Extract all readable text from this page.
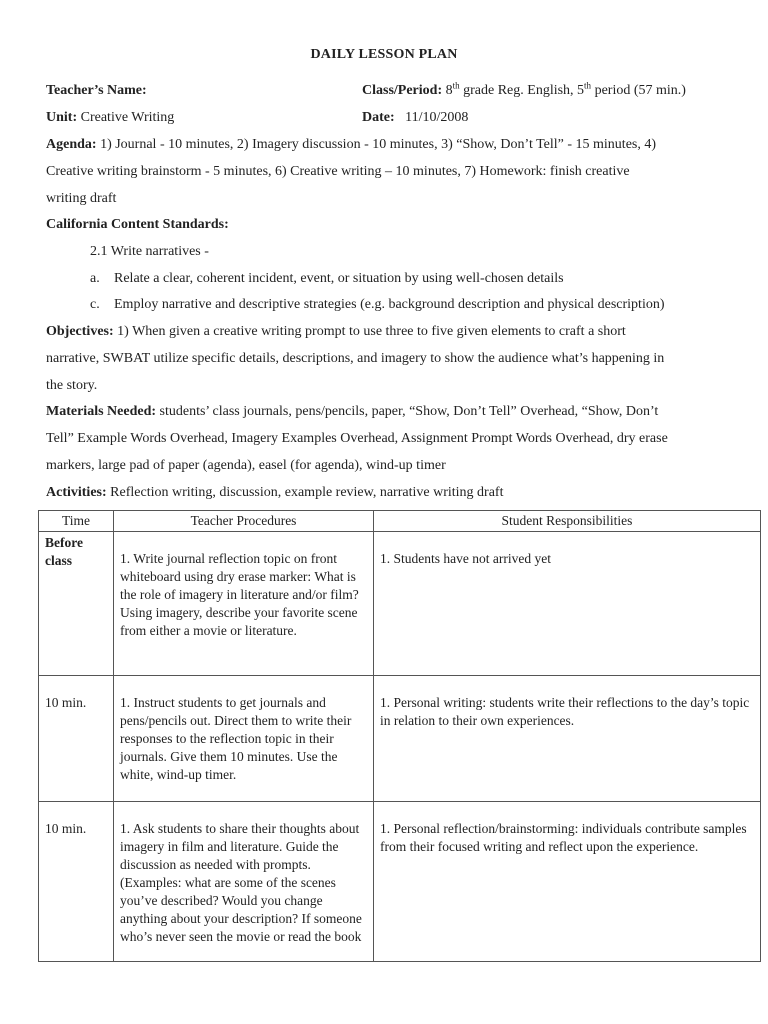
DAILY LESSON PLAN
Teacher’s Name:	Class/Period: 8th grade Reg. English, 5th period (57 min.)
Unit: Creative Writing	Date: 11/10/2008
Agenda: 1) Journal - 10 minutes, 2) Imagery discussion - 10 minutes, 3) “Show, Don’t Tell” - 15 minutes, 4)
Creative writing brainstorm - 5 minutes, 6) Creative writing – 10 minutes, 7) Homework: finish creative
writing draft
California Content Standards:
2.1 Write narratives -
a. Relate a clear, coherent incident, event, or situation by using well-chosen details
c. Employ narrative and descriptive strategies (e.g. background description and physical description)
Objectives: 1) When given a creative writing prompt to use three to five given elements to craft a short
narrative, SWBAT utilize specific details, descriptions, and imagery to show the audience what’s happening in
the story.
Materials Needed: students’ class journals, pens/pencils, paper, “Show, Don’t Tell” Overhead, “Show, Don’t
Tell” Example Words Overhead, Imagery Examples Overhead, Assignment Prompt Words Overhead, dry erase
markers, large pad of paper (agenda), easel (for agenda), wind-up timer
Activities: Reflection writing, discussion, example review, narrative writing draft
Time	Teacher Procedures	Student Responsibilities

Before
class	1. Write journal reflection topic on front whiteboard using dry erase marker: What is the role of imagery in literature and/or film? Using imagery, describe your favorite scene from either a movie or literature.	1. Students have not arrived yet
10 min.	1. Instruct students to get journals and pens/pencils out. Direct them to write their responses to the reflection topic in their journals. Give them 10 minutes. Use the white, wind-up timer.	1. Personal writing: students write their reflections to the day’s topic in relation to their own experiences.
10 min.	1. Ask students to share their thoughts about imagery in film and literature. Guide the discussion as needed with prompts. (Examples: what are some of the scenes you’ve described? Would you change anything about your description? If someone who’s never seen the movie or read the book	1. Personal reflection/brainstorming: individuals contribute samples from their focused writing and reflect upon the experience.
